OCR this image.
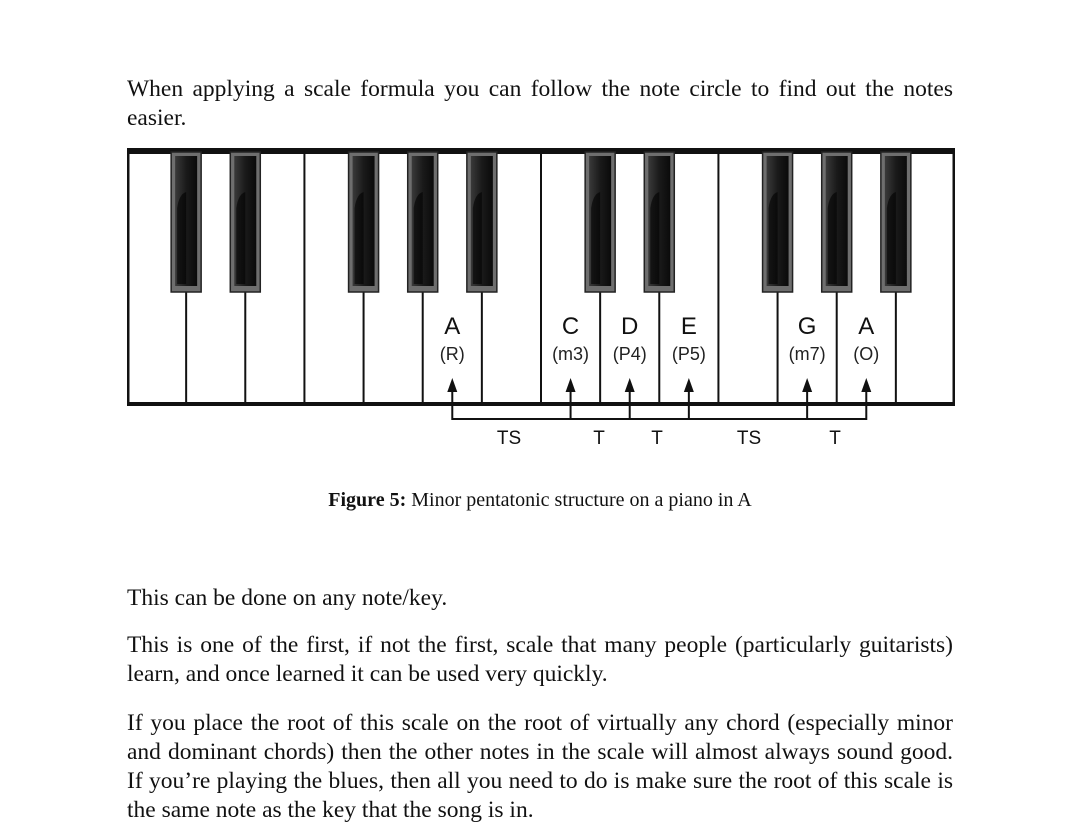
When applying a scale formula you can follow the note circle to find out the notes easier.

A
(R)
C
(m3)
D
(P4)
E
(P5)
G
(m7)
A
(O)
TS	T T	TS	T
Figure 5: Minor pentatonic structure on a piano in A

This can be done on any note/key.

This is one of the first, if not the first, scale that many people (particularly guitarists) learn, and once learned it can be used very quickly.

If you place the root of this scale on the root of virtually any chord (especially minor and dominant chords) then the other notes in the scale will almost always sound good. If you’re playing the blues, then all you need to do is make sure the root of this scale is the same note as the key that the song is in.
